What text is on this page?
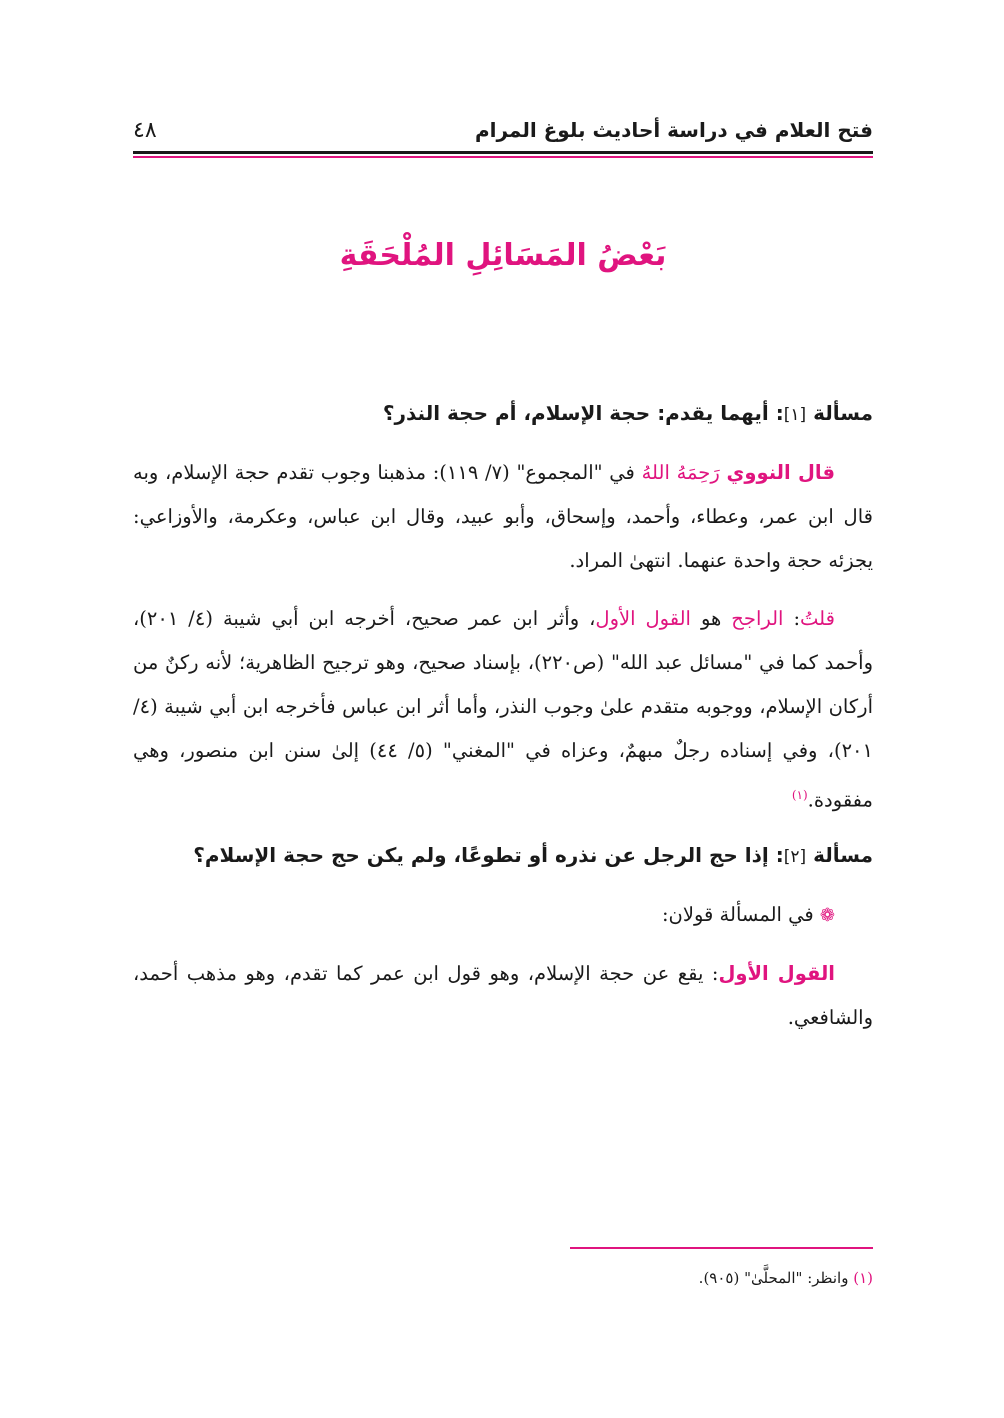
فتح العلام في دراسة أحاديث بلوغ المرام
٤٨
بَعْضُ المَسَائِلِ المُلْحَقَةِ

مسألة [١]: أيهما يقدم: حجة الإسلام، أم حجة النذر؟

قال النووي رَحِمَهُ اللهُ في "المجموع" (٧/ ١١٩): مذهبنا وجوب تقدم حجة الإسلام، وبه قال ابن عمر، وعطاء، وأحمد، وإسحاق، وأبو عبيد، وقال ابن عباس، وعكرمة، والأوزاعي: يجزئه حجة واحدة عنهما. انتهىٰ المراد.

قلتُ: الراجح هو القول الأول، وأثر ابن عمر صحيح، أخرجه ابن أبي شيبة (٤/ ٢٠١)، وأحمد كما في "مسائل عبد الله" (ص٢٢٠)، بإسناد صحيح، وهو ترجيح الظاهرية؛ لأنه ركنٌ من أركان الإسلام، ووجوبه متقدم علىٰ وجوب النذر، وأما أثر ابن عباس فأخرجه ابن أبي شيبة (٤/ ٢٠١)، وفي إسناده رجلٌ مبهمٌ، وعزاه في "المغني" (٥/ ٤٤) إلىٰ سنن ابن منصور، وهي مفقودة.$^{(١)}$

مسألة [٢]: إذا حج الرجل عن نذره أو تطوعًا، ولم يكن حج حجة الإسلام؟

❁ في المسألة قولان:

القول الأول: يقع عن حجة الإسلام، وهو قول ابن عمر كما تقدم، وهو مذهب أحمد، والشافعي.

(١) وانظر: "المحلَّىٰ" (٩٠٥).
